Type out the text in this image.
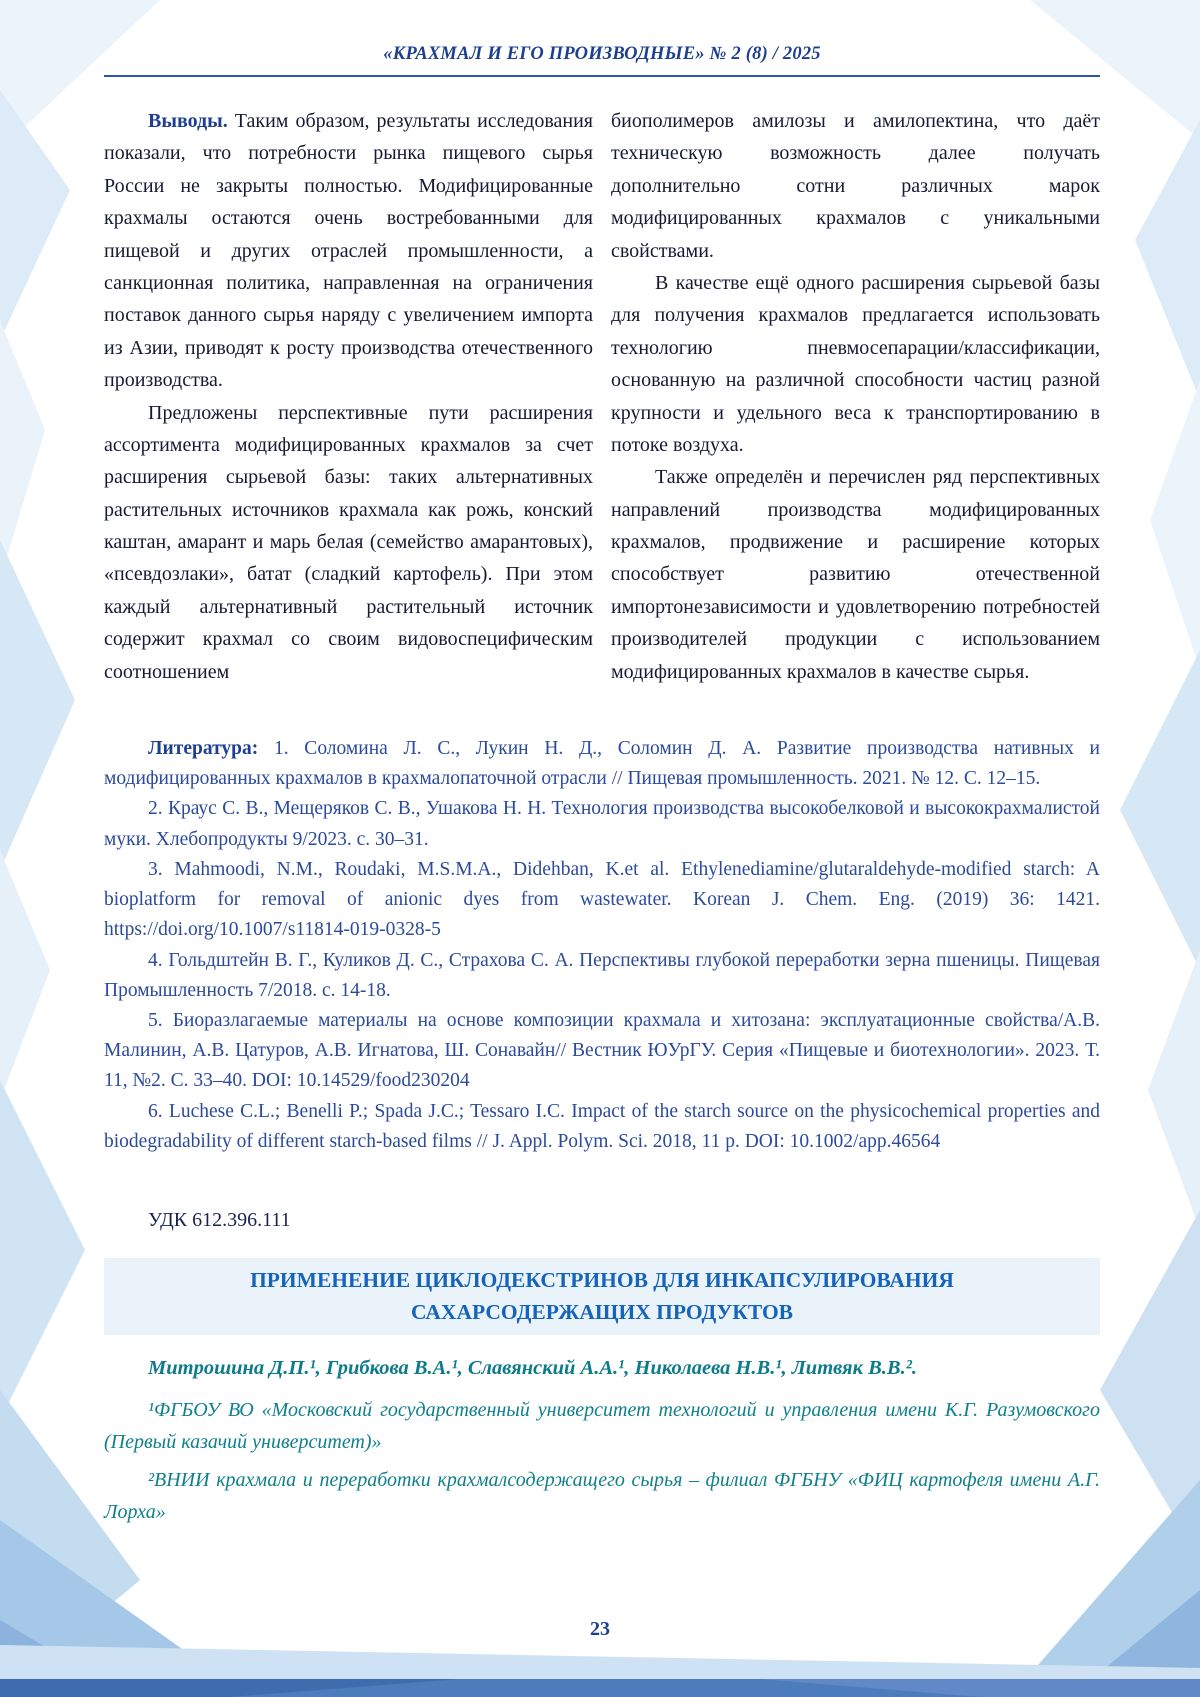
«КРАХМАЛ И ЕГО ПРОИЗВОДНЫЕ» № 2 (8) / 2025

Выводы. Таким образом, результаты исследования показали, что потребности рынка пищевого сырья России не закрыты полностью. Модифицированные крахмалы остаются очень востребованными для пищевой и других отраслей промышленности, а санкционная политика, направленная на ограничения поставок данного сырья наряду с увеличением импорта из Азии, приводят к росту производства отечественного производства.

Предложены перспективные пути расширения ассортимента модифицированных крахмалов за счет расширения сырьевой базы: таких альтернативных растительных источников крахмала как рожь, конский каштан, амарант и марь белая (семейство амарантовых), «псевдозлаки», батат (сладкий картофель). При этом каждый альтернативный растительный источник содержит крахмал со своим видовоспецифическим соотношением

биополимеров амилозы и амилопектина, что даёт техническую возможность далее получать дополнительно сотни различных марок модифицированных крахмалов с уникальными свойствами.

В качестве ещё одного расширения сырьевой базы для получения крахмалов предлагается использовать технологию пневмосепарации/классификации, основанную на различной способности частиц разной крупности и удельного веса к транспортированию в потоке воздуха.

Также определён и перечислен ряд перспективных направлений производства модифицированных крахмалов, продвижение и расширение которых способствует развитию отечественной импортонезависимости и удовлетворению потребностей производителей продукции с использованием модифицированных крахмалов в качестве сырья.

Литература: 1. Соломина Л. С., Лукин Н. Д., Соломин Д. А. Развитие производства нативных и модифицированных крахмалов в крахмалопаточной отрасли // Пищевая промышленность. 2021. № 12. С. 12–15.

2. Краус С. В., Мещеряков С. В., Ушакова Н. Н. Технология производства высокобелковой и высококрахмалистой муки. Хлебопродукты 9/2023. с. 30–31.

3. Mahmoodi, N.M., Roudaki, M.S.M.A., Didehban, K.et al. Ethylenediamine/glutaraldehyde-modified starch: A bioplatform for removal of anionic dyes from wastewater. Korean J. Chem. Eng. (2019) 36: 1421. https://doi.org/10.1007/s11814-019-0328-5

4. Гольдштейн В. Г., Куликов Д. С., Страхова С. А. Перспективы глубокой переработки зерна пшеницы. Пищевая Промышленность 7/2018. с. 14-18.

5. Биоразлагаемые материалы на основе композиции крахмала и хитозана: эксплуатационные свойства/А.В. Малинин, А.В. Цатуров, А.В. Игнатова, Ш. Сонавайн// Вестник ЮУрГУ. Серия «Пищевые и биотехнологии». 2023. Т. 11, №2. С. 33–40. DOI: 10.14529/food230204

6. Luchese C.L.; Benelli P.; Spada J.C.; Tessaro I.C. Impact of the starch source on the physicochemical properties and biodegradability of different starch-based films // J. Appl. Polym. Sci. 2018, 11 p. DOI: 10.1002/app.46564

УДК 612.396.111

ПРИМЕНЕНИЕ ЦИКЛОДЕКСТРИНОВ ДЛЯ ИНКАПСУЛИРОВАНИЯ САХАРСОДЕРЖАЩИХ ПРОДУКТОВ

Митрошина Д.П.¹, Грибкова В.А.¹, Славянский А.А.¹, Николаева Н.В.¹, Литвяк В.В.².

¹ФГБОУ ВО «Московский государственный университет технологий и управления имени К.Г. Разумовского (Первый казачий университет)»

²ВНИИ крахмала и переработки крахмалсодержащего сырья – филиал ФГБНУ «ФИЦ картофеля имени А.Г. Лорха»

23
